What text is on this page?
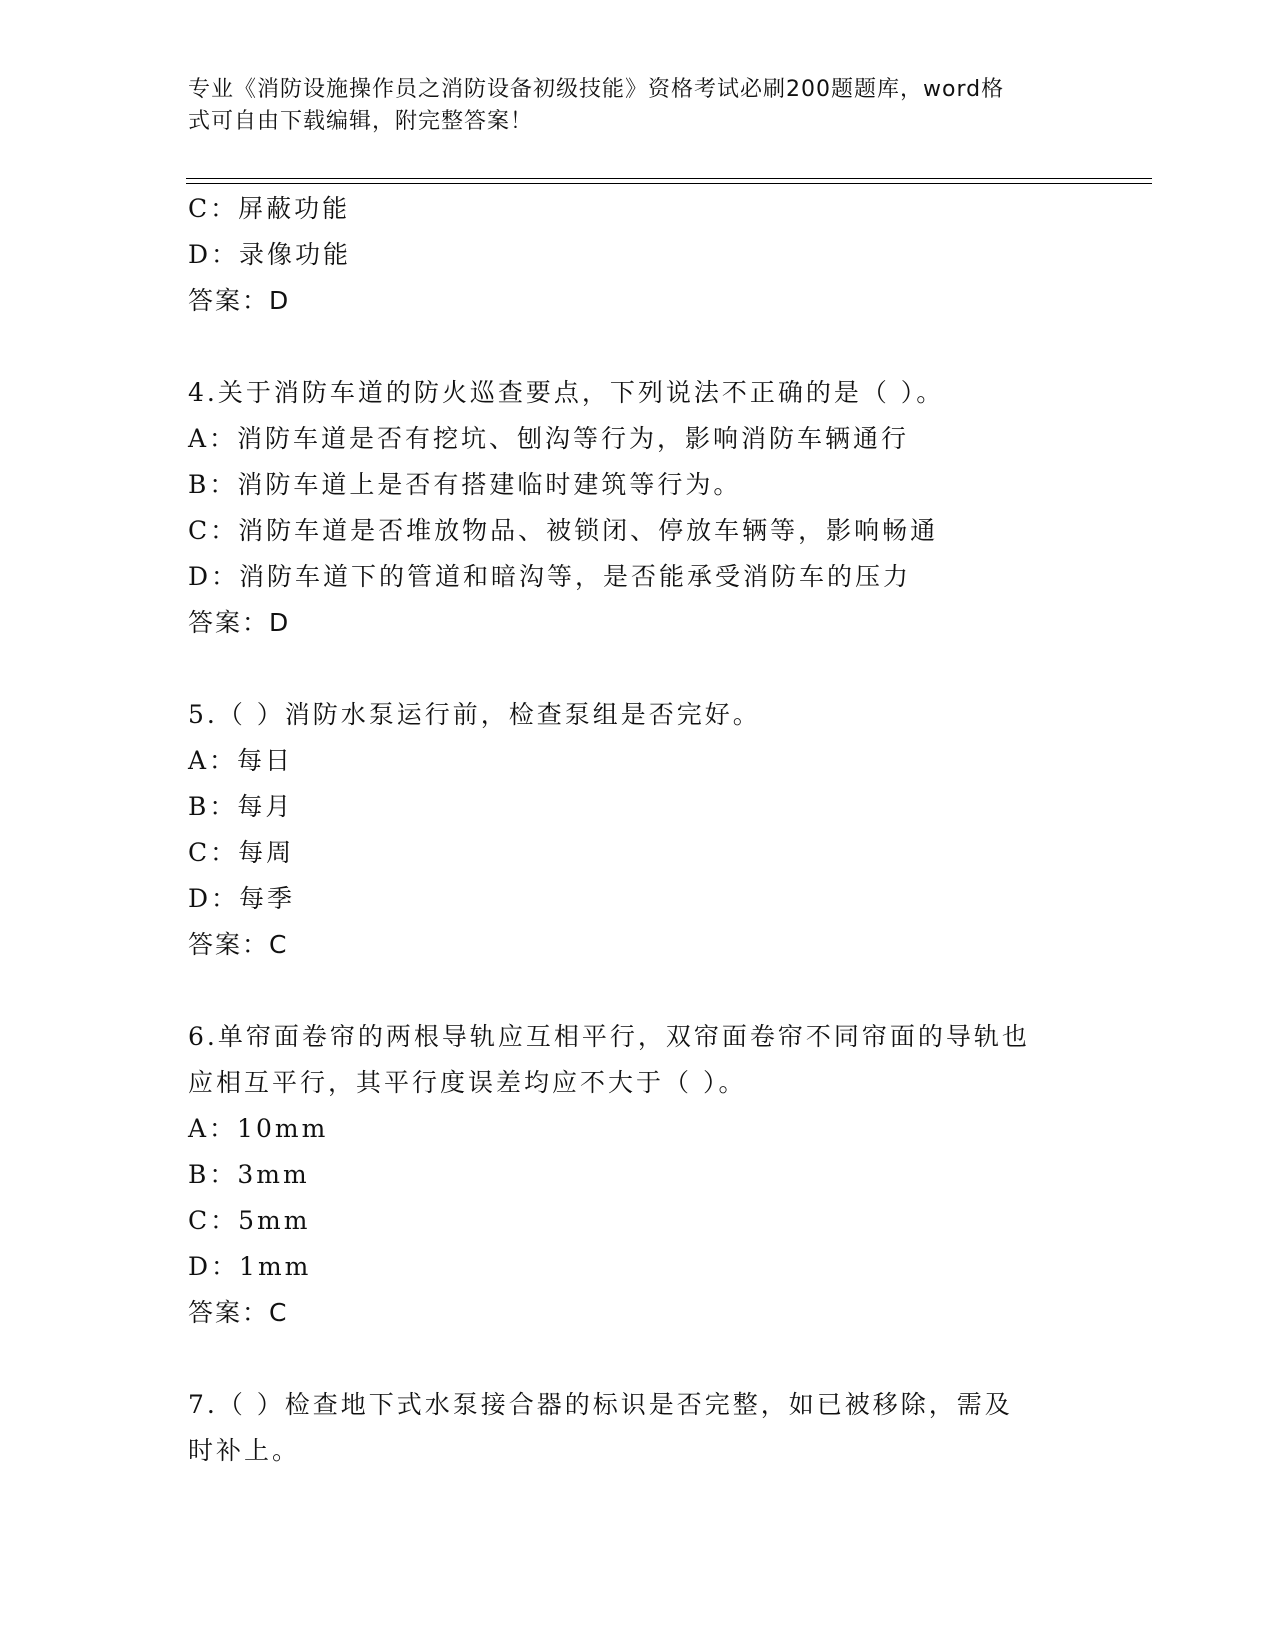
专业《消防设施操作员之消防设备初级技能》资格考试必刷200题题库，word格
式可自由下载编辑，附完整答案！
C：屏蔽功能
D：录像功能
答案：D
4.关于消防车道的防火巡查要点，下列说法不正确的是（ ）。
A：消防车道是否有挖坑、刨沟等行为，影响消防车辆通行
B：消防车道上是否有搭建临时建筑等行为。
C：消防车道是否堆放物品、被锁闭、停放车辆等，影响畅通
D：消防车道下的管道和暗沟等，是否能承受消防车的压力
答案：D
5.（ ）消防水泵运行前，检查泵组是否完好。
A：每日
B：每月
C：每周
D：每季
答案：C
6.单帘面卷帘的两根导轨应互相平行，双帘面卷帘不同帘面的导轨也
应相互平行，其平行度误差均应不大于（ ）。
A：10mm
B：3mm
C：5mm
D：1mm
答案：C
7.（ ）检查地下式水泵接合器的标识是否完整，如已被移除，需及
时补上。
